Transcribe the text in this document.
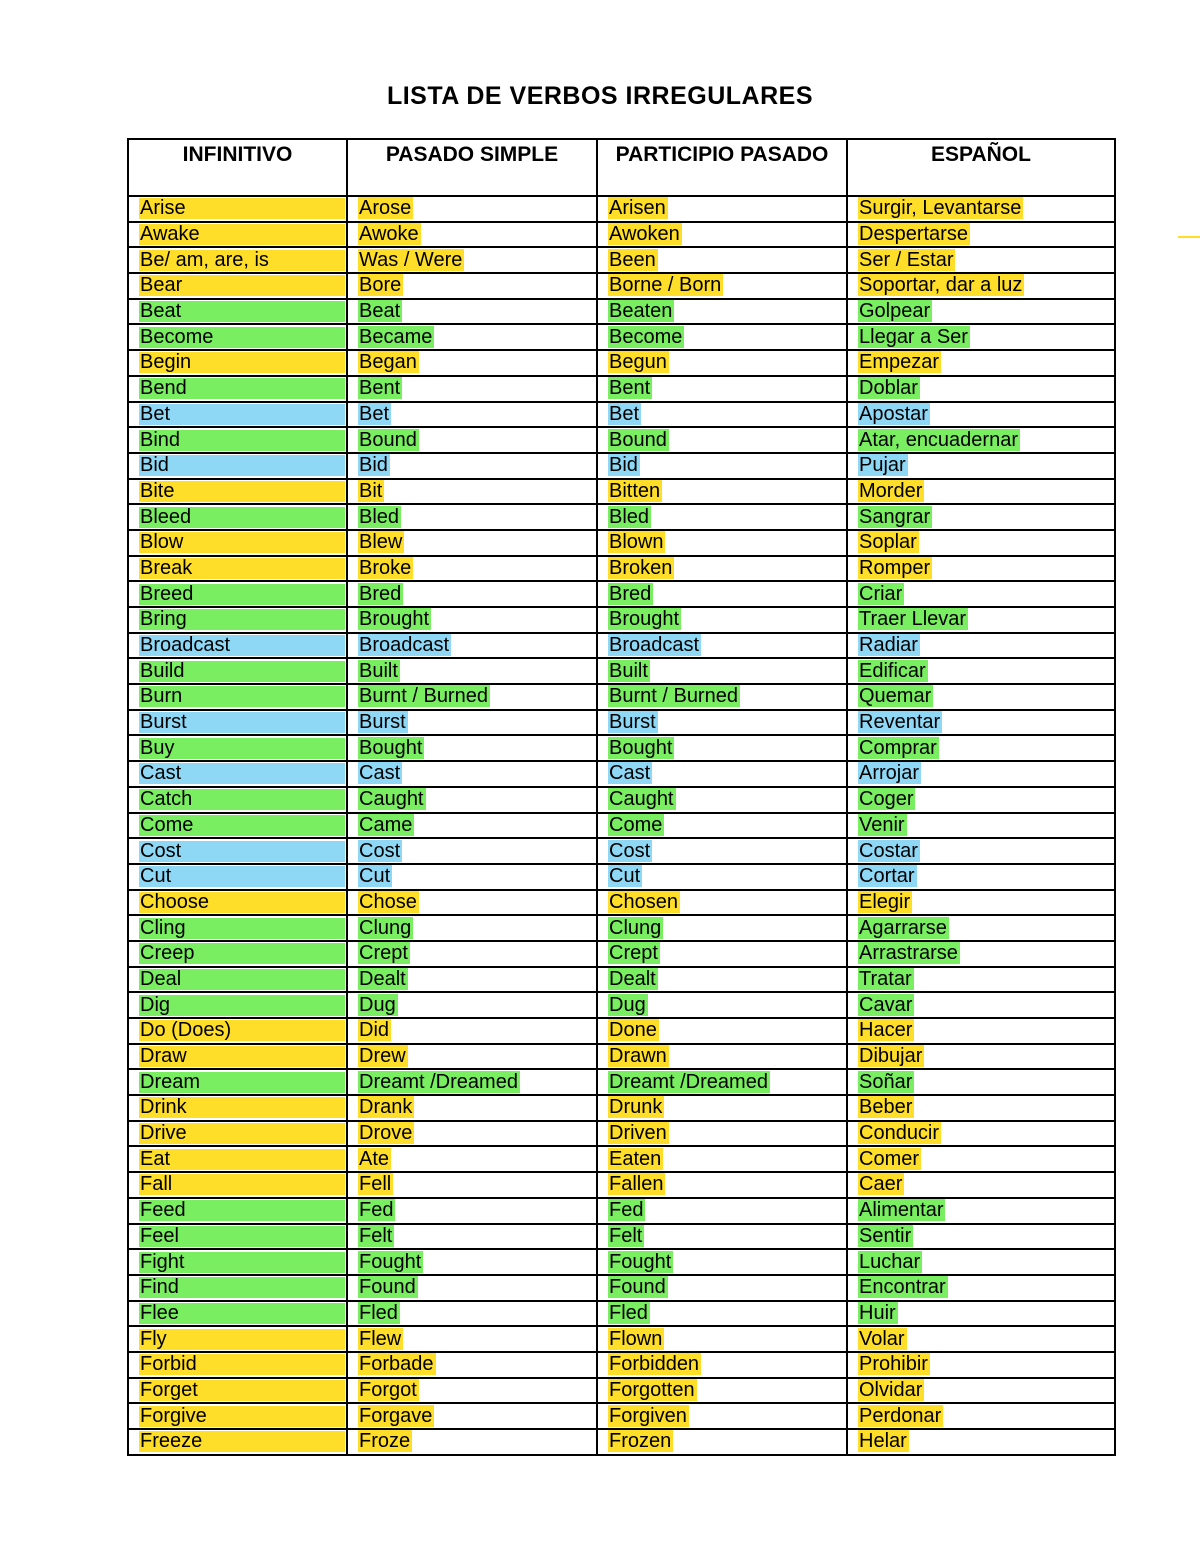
LISTA DE VERBOS IRREGULARES
INFINITIVO	PASADO SIMPLE	PARTICIPIO PASADO	ESPAÑOL

Arise	Arose	Arisen	Surgir, Levantarse

Awake	Awoke	Awoken	Despertarse

Be/ am, are, is	Was / Were	Been	Ser / Estar

Bear	Bore	Borne / Born	Soportar, dar a luz

Beat	Beat	Beaten	Golpear

Become	Became	Become	Llegar a Ser

Begin	Began	Begun	Empezar

Bend	Bent	Bent	Doblar

Bet	Bet	Bet	Apostar

Bind	Bound	Bound	Atar, encuadernar

Bid	Bid	Bid	Pujar

Bite	Bit	Bitten	Morder

Bleed	Bled	Bled	Sangrar

Blow	Blew	Blown	Soplar

Break	Broke	Broken	Romper

Breed	Bred	Bred	Criar

Bring	Brought	Brought	Traer Llevar

Broadcast	Broadcast	Broadcast	Radiar

Build	Built	Built	Edificar

Burn	Burnt / Burned	Burnt / Burned	Quemar

Burst	Burst	Burst	Reventar

Buy	Bought	Bought	Comprar

Cast	Cast	Cast	Arrojar

Catch	Caught	Caught	Coger

Come	Came	Come	Venir

Cost	Cost	Cost	Costar

Cut	Cut	Cut	Cortar

Choose	Chose	Chosen	Elegir

Cling	Clung	Clung	Agarrarse

Creep	Crept	Crept	Arrastrarse

Deal	Dealt	Dealt	Tratar

Dig	Dug	Dug	Cavar

Do (Does)	Did	Done	Hacer

Draw	Drew	Drawn	Dibujar

Dream	Dreamt /Dreamed	Dreamt /Dreamed	Soñar

Drink	Drank	Drunk	Beber

Drive	Drove	Driven	Conducir

Eat	Ate	Eaten	Comer

Fall	Fell	Fallen	Caer

Feed	Fed	Fed	Alimentar

Feel	Felt	Felt	Sentir

Fight	Fought	Fought	Luchar

Find	Found	Found	Encontrar

Flee	Fled	Fled	Huir

Fly	Flew	Flown	Volar

Forbid	Forbade	Forbidden	Prohibir

Forget	Forgot	Forgotten	Olvidar

Forgive	Forgave	Forgiven	Perdonar

Freeze	Froze	Frozen	Helar
